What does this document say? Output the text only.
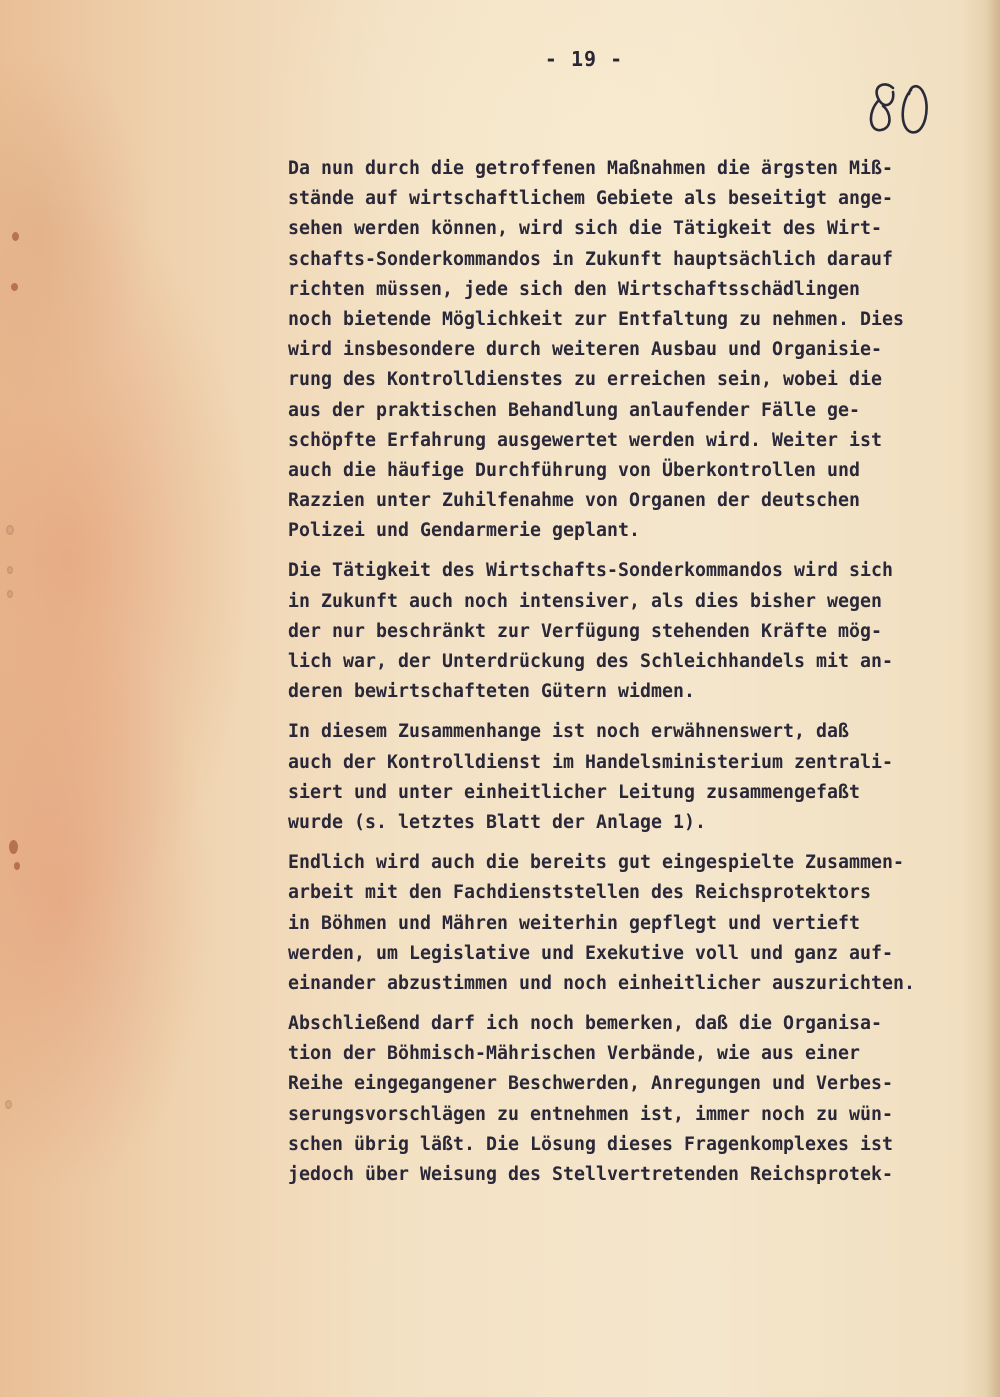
- 19 -
Da nun durch die getroffenen Maßnahmen die ärgsten Miß-
stände auf wirtschaftlichem Gebiete als beseitigt ange-
sehen werden können, wird sich die Tätigkeit des Wirt-
schafts-Sonderkommandos in Zukunft hauptsächlich darauf
richten müssen, jede sich den Wirtschaftsschädlingen
noch bietende Möglichkeit zur Entfaltung zu nehmen. Dies
wird insbesondere durch weiteren Ausbau und Organisie-
rung des Kontrolldienstes zu erreichen sein, wobei die
aus der praktischen Behandlung anlaufender Fälle ge-
schöpfte Erfahrung ausgewertet werden wird. Weiter ist
auch die häufige Durchführung von Überkontrollen und
Razzien unter Zuhilfenahme von Organen der deutschen
Polizei und Gendarmerie geplant.
Die Tätigkeit des Wirtschafts-Sonderkommandos wird sich
in Zukunft auch noch intensiver, als dies bisher wegen
der nur beschränkt zur Verfügung stehenden Kräfte mög-
lich war, der Unterdrückung des Schleichhandels mit an-
deren bewirtschafteten Gütern widmen.
In diesem Zusammenhange ist noch erwähnenswert, daß
auch der Kontrolldienst im Handelsministerium zentrali-
siert und unter einheitlicher Leitung zusammengefaßt
wurde (s. letztes Blatt der Anlage 1).
Endlich wird auch die bereits gut eingespielte Zusammen-
arbeit mit den Fachdienststellen des Reichsprotektors
in Böhmen und Mähren weiterhin gepflegt und vertieft
werden, um Legislative und Exekutive voll und ganz auf-
einander abzustimmen und noch einheitlicher auszurichten.
Abschließend darf ich noch bemerken, daß die Organisa-
tion der Böhmisch-Mährischen Verbände, wie aus einer
Reihe eingegangener Beschwerden, Anregungen und Verbes-
serungsvorschlägen zu entnehmen ist, immer noch zu wün-
schen übrig läßt. Die Lösung dieses Fragenkomplexes ist
jedoch über Weisung des Stellvertretenden Reichsprotek-
